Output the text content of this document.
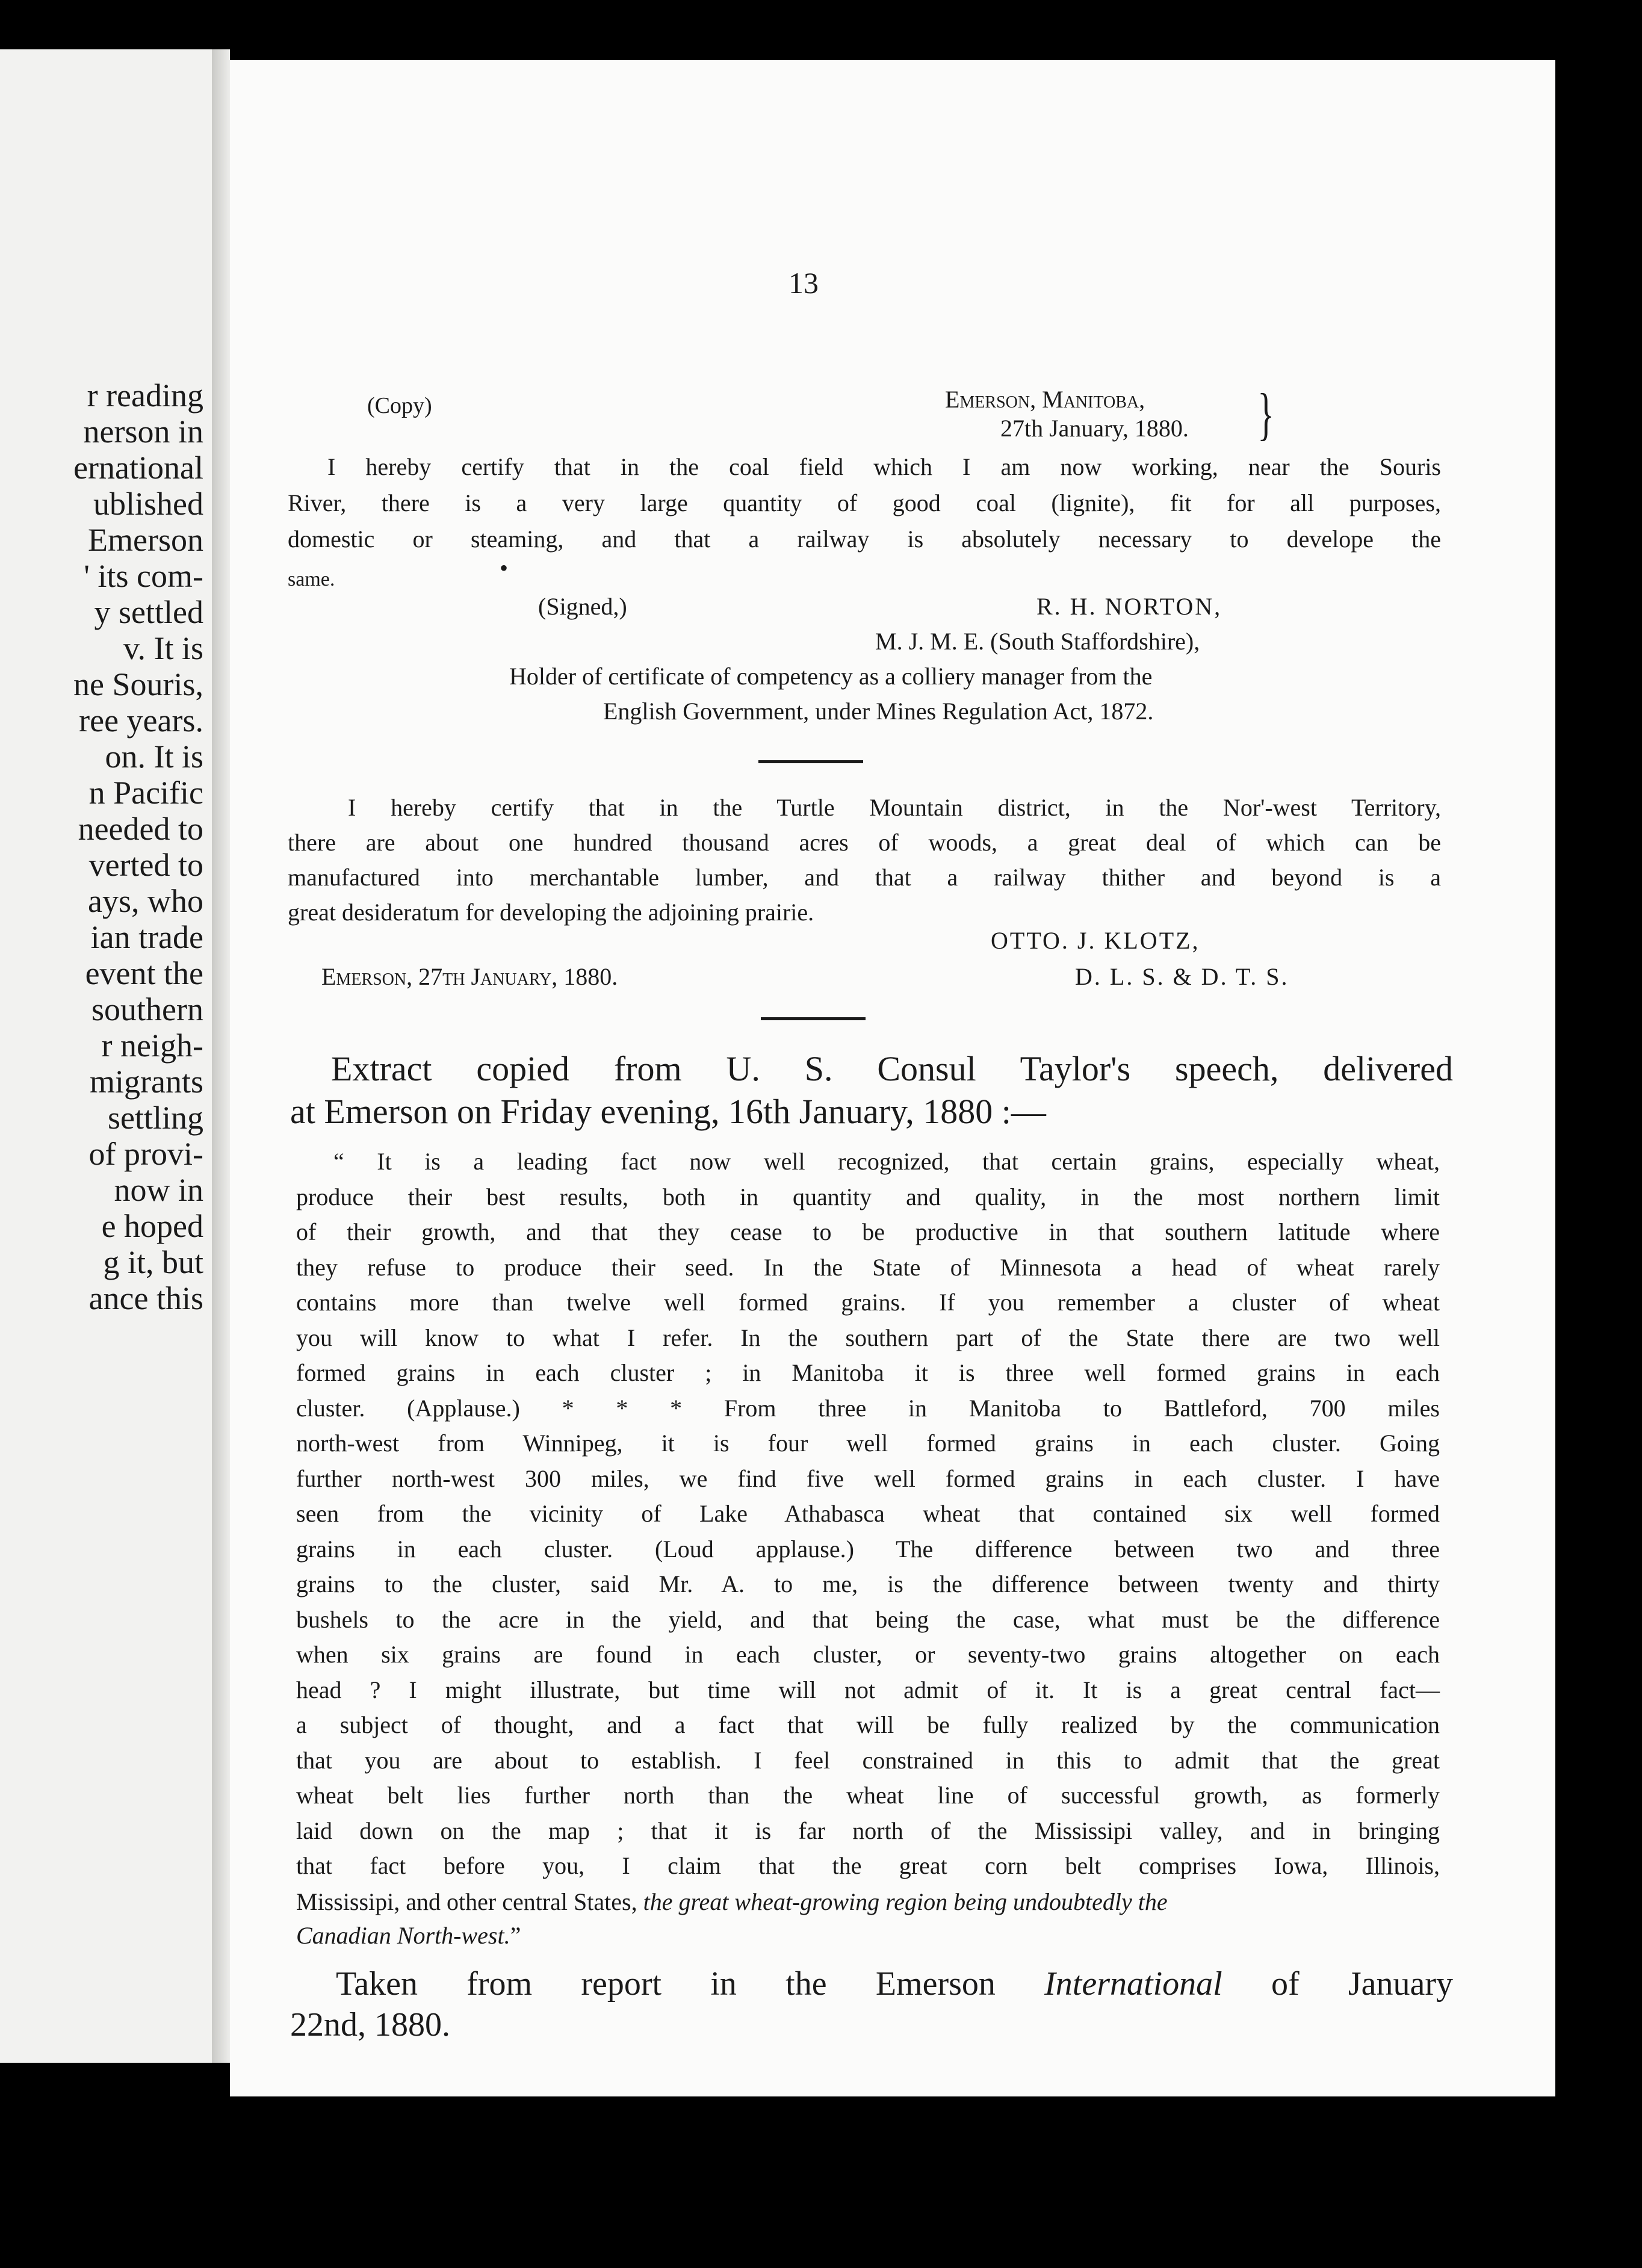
r reading
nerson in
ernational
ublished
Emerson
' its com-
y settled
v. It is
ne Souris,
ree years.
on. It is
n Pacific
needed to
verted to
ays, who
ian trade
event the
southern
r neigh-
migrants
settling
of provi-
now in
e hoped
g it, but
ance this
13
(Copy)	Emerson, Manitoba,
27th January, 1880. }
I hereby certify that in the coal field which I am now working, near the Souris
River, there is a very large quantity of good coal (lignite), fit for all purposes,
domestic or steaming, and that a railway is absolutely necessary to develope the
same.	•
(Signed,)	R. H. NORTON,
M. J. M. E. (South Staffordshire),
Holder of certificate of competency as a colliery manager from the
English Government, under Mines Regulation Act, 1872.
I hereby certify that in the Turtle Mountain district, in the Nor'-west Territory,
there are about one hundred thousand acres of woods, a great deal of which can be
manufactured into merchantable lumber, and that a railway thither and beyond is a
great desideratum for developing the adjoining prairie.
OTTO. J. KLOTZ,
Emerson, 27th January, 1880.	D. L. S. & D. T. S.
Extract copied from U. S. Consul Taylor's speech, delivered
at Emerson on Friday evening, 16th January, 1880 :—
“ It is a leading fact now well recognized, that certain grains, especially wheat,
produce their best results, both in quantity and quality, in the most northern limit
of their growth, and that they cease to be productive in that southern latitude where
they refuse to produce their seed. In the State of Minnesota a head of wheat rarely
contains more than twelve well formed grains. If you remember a cluster of wheat
you will know to what I refer. In the southern part of the State there are two well
formed grains in each cluster ; in Manitoba it is three well formed grains in each
cluster. (Applause.) * * * From three in Manitoba to Battleford, 700 miles
north-west from Winnipeg, it is four well formed grains in each cluster. Going
further north-west 300 miles, we find five well formed grains in each cluster. I have
seen from the vicinity of Lake Athabasca wheat that contained six well formed
grains in each cluster. (Loud applause.) The difference between two and three
grains to the cluster, said Mr. A. to me, is the difference between twenty and thirty
bushels to the acre in the yield, and that being the case, what must be the difference
when six grains are found in each cluster, or seventy-two grains altogether on each
head ? I might illustrate, but time will not admit of it. It is a great central fact—
a subject of thought, and a fact that will be fully realized by the communication
that you are about to establish. I feel constrained in this to admit that the great
wheat belt lies further north than the wheat line of successful growth, as formerly
laid down on the map ; that it is far north of the Mississipi valley, and in bringing
that fact before you, I claim that the great corn belt comprises Iowa, Illinois,
Mississipi, and other central States, the great wheat-growing region being undoubtedly the
Canadian North-west.”
Taken from report in the Emerson International of January
22nd, 1880.
